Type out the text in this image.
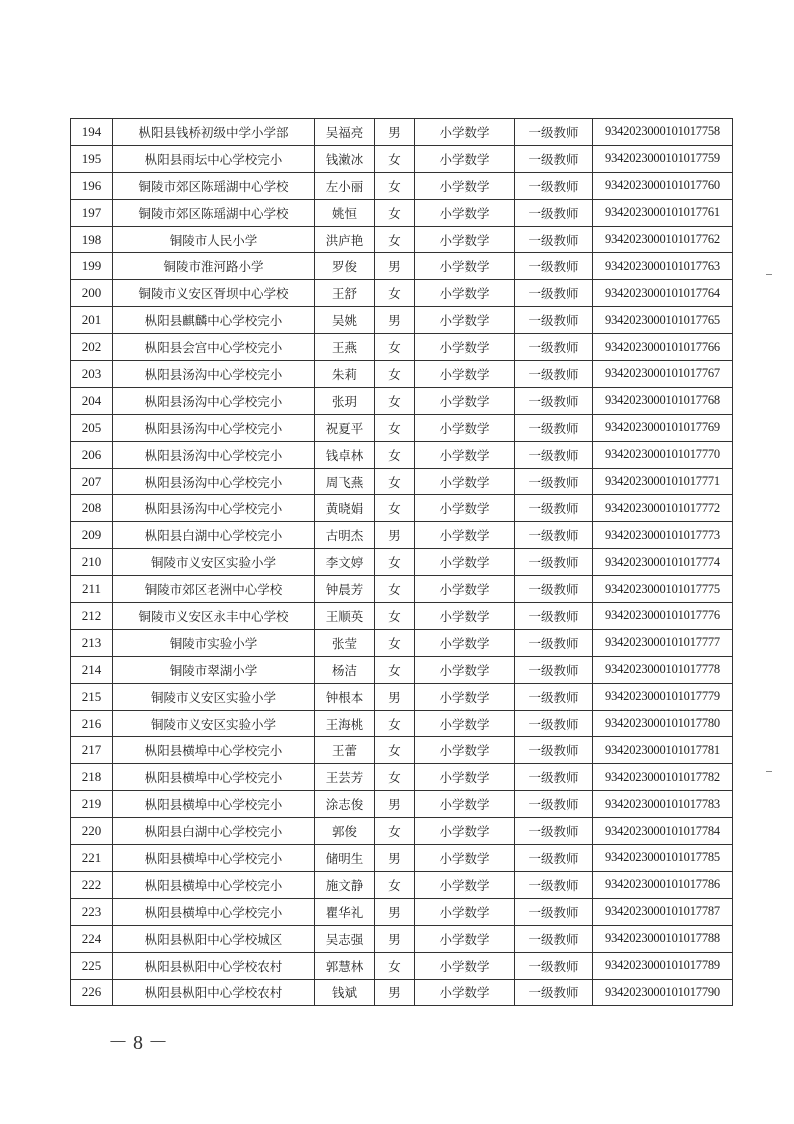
194	枞阳县钱桥初级中学小学部	吴福亮	男	小学数学	一级教师	9342023000101017758
195	枞阳县雨坛中心学校完小	钱潄冰	女	小学数学	一级教师	9342023000101017759
196	铜陵市郊区陈瑶湖中心学校	左小丽	女	小学数学	一级教师	9342023000101017760
197	铜陵市郊区陈瑶湖中心学校	姚恒	女	小学数学	一级教师	9342023000101017761
198	铜陵市人民小学	洪庐艳	女	小学数学	一级教师	9342023000101017762
199	铜陵市淮河路小学	罗俊	男	小学数学	一级教师	9342023000101017763
200	铜陵市义安区胥坝中心学校	王舒	女	小学数学	一级教师	9342023000101017764
201	枞阳县麒麟中心学校完小	吴姚	男	小学数学	一级教师	9342023000101017765
202	枞阳县会宫中心学校完小	王燕	女	小学数学	一级教师	9342023000101017766
203	枞阳县汤沟中心学校完小	朱莉	女	小学数学	一级教师	9342023000101017767
204	枞阳县汤沟中心学校完小	张玥	女	小学数学	一级教师	9342023000101017768
205	枞阳县汤沟中心学校完小	祝夏平	女	小学数学	一级教师	9342023000101017769
206	枞阳县汤沟中心学校完小	钱卓林	女	小学数学	一级教师	9342023000101017770
207	枞阳县汤沟中心学校完小	周飞燕	女	小学数学	一级教师	9342023000101017771
208	枞阳县汤沟中心学校完小	黄晓娟	女	小学数学	一级教师	9342023000101017772
209	枞阳县白湖中心学校完小	古明杰	男	小学数学	一级教师	9342023000101017773
210	铜陵市义安区实验小学	李文婷	女	小学数学	一级教师	9342023000101017774
211	铜陵市郊区老洲中心学校	钟晨芳	女	小学数学	一级教师	9342023000101017775
212	铜陵市义安区永丰中心学校	王顺英	女	小学数学	一级教师	9342023000101017776
213	铜陵市实验小学	张莹	女	小学数学	一级教师	9342023000101017777
214	铜陵市翠湖小学	杨洁	女	小学数学	一级教师	9342023000101017778
215	铜陵市义安区实验小学	钟根本	男	小学数学	一级教师	9342023000101017779
216	铜陵市义安区实验小学	王海桃	女	小学数学	一级教师	9342023000101017780
217	枞阳县横埠中心学校完小	王蕾	女	小学数学	一级教师	9342023000101017781
218	枞阳县横埠中心学校完小	王芸芳	女	小学数学	一级教师	9342023000101017782
219	枞阳县横埠中心学校完小	涂志俊	男	小学数学	一级教师	9342023000101017783
220	枞阳县白湖中心学校完小	郭俊	女	小学数学	一级教师	9342023000101017784
221	枞阳县横埠中心学校完小	储明生	男	小学数学	一级教师	9342023000101017785
222	枞阳县横埠中心学校完小	施文静	女	小学数学	一级教师	9342023000101017786
223	枞阳县横埠中心学校完小	瞿华礼	男	小学数学	一级教师	9342023000101017787
224	枞阳县枞阳中心学校城区	吴志强	男	小学数学	一级教师	9342023000101017788
225	枞阳县枞阳中心学校农村	郭慧林	女	小学数学	一级教师	9342023000101017789
226	枞阳县枞阳中心学校农村	钱斌	男	小学数学	一级教师	9342023000101017790
－ 8 －
